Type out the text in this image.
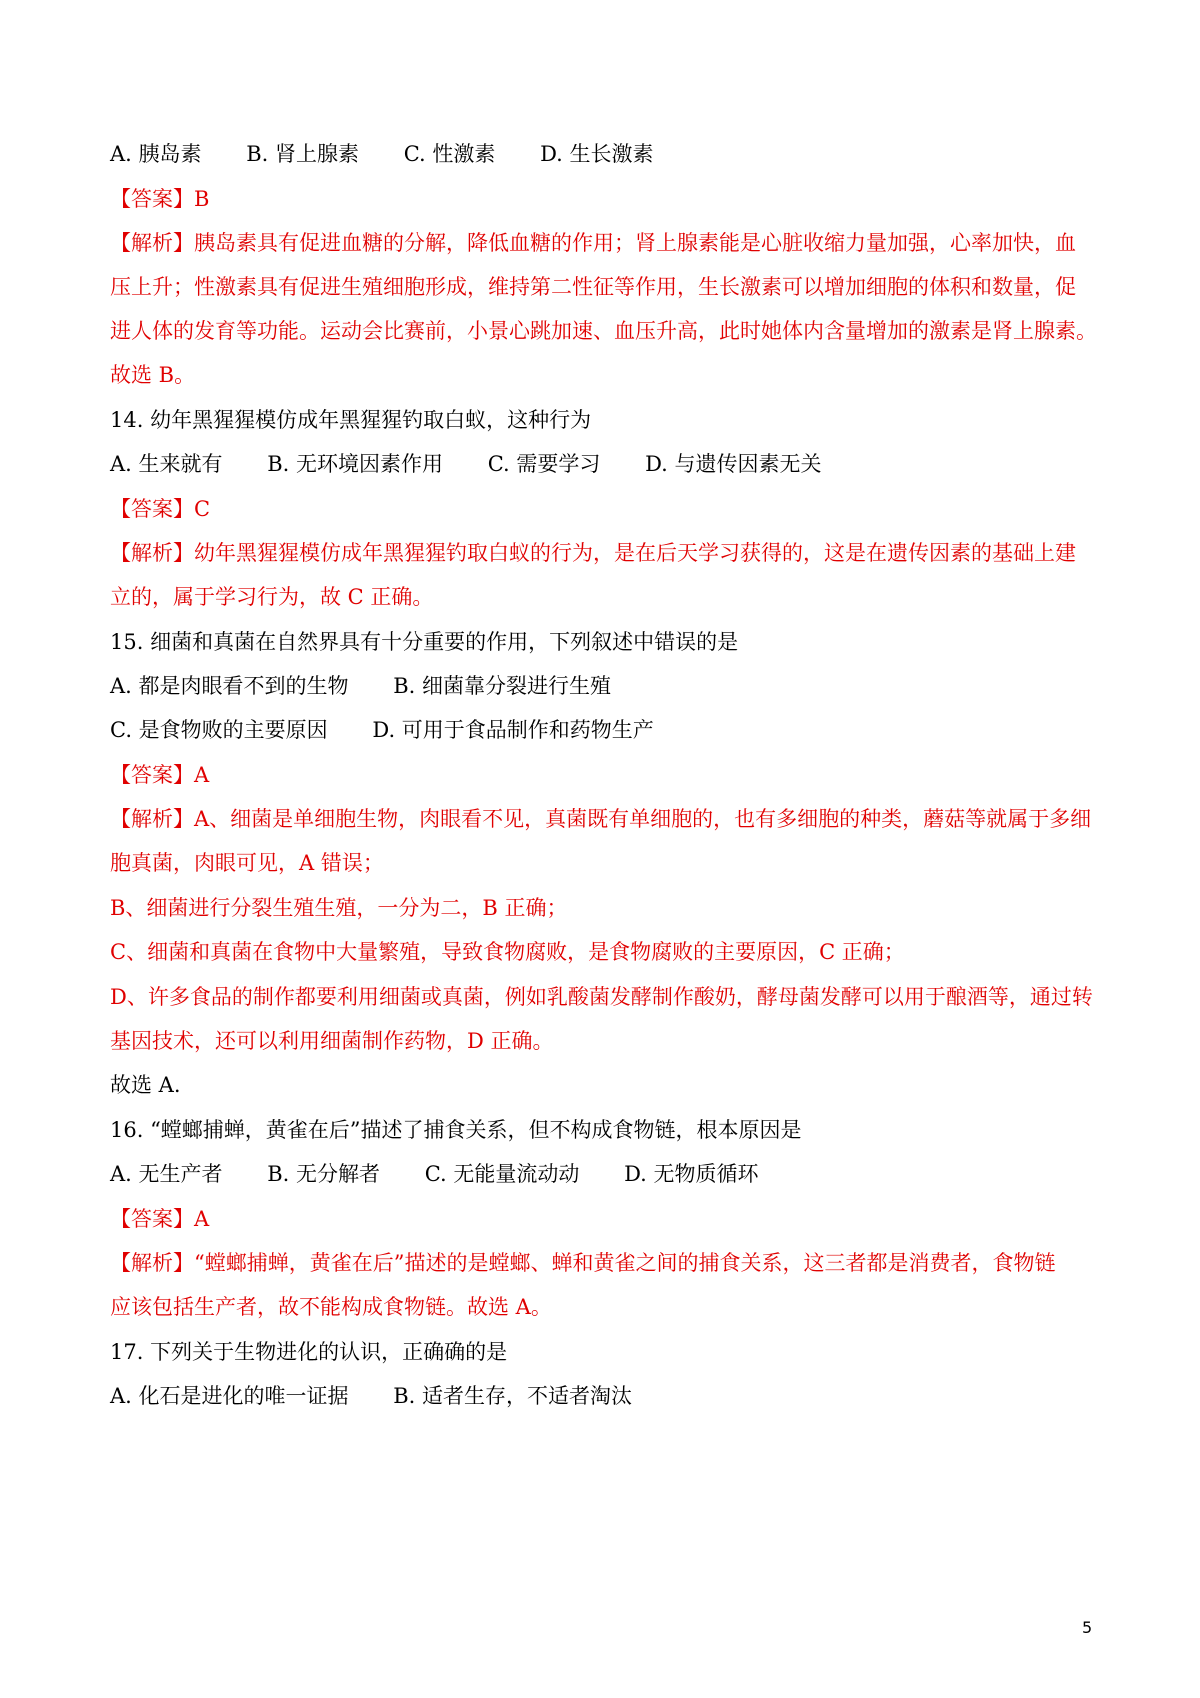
A. 胰岛素 B. 肾上腺素 C. 性激素 D. 生长激素
【答案】B
【解析】胰岛素具有促进血糖的分解，降低血糖的作用；肾上腺素能是心脏收缩力量加强，心率加快，血
压上升；性激素具有促进生殖细胞形成，维持第二性征等作用，生长激素可以增加细胞的体积和数量，促
进人体的发育等功能。运动会比赛前，小景心跳加速、血压升高，此时她体内含量增加的激素是肾上腺素。
故选 B。
14. 幼年黑猩猩模仿成年黑猩猩钓取白蚁，这种行为
A. 生来就有 B. 无环境因素作用 C. 需要学习 D. 与遗传因素无关
【答案】C
【解析】幼年黑猩猩模仿成年黑猩猩钓取白蚁的行为，是在后天学习获得的，这是在遗传因素的基础上建
立的，属于学习行为，故 C 正确。
15. 细菌和真菌在自然界具有十分重要的作用，下列叙述中错误的是
A. 都是肉眼看不到的生物 B. 细菌靠分裂进行生殖
C. 是食物败的主要原因 D. 可用于食品制作和药物生产
【答案】A
【解析】A、细菌是单细胞生物，肉眼看不见，真菌既有单细胞的，也有多细胞的种类，蘑菇等就属于多细
胞真菌，肉眼可见，A 错误；
B、细菌进行分裂生殖生殖，一分为二，B 正确；
C、细菌和真菌在食物中大量繁殖，导致食物腐败，是食物腐败的主要原因，C 正确；
D、许多食品的制作都要利用细菌或真菌，例如乳酸菌发酵制作酸奶，酵母菌发酵可以用于酿酒等，通过转
基因技术，还可以利用细菌制作药物，D 正确。
故选 A.
16. “螳螂捕蝉，黄雀在后”描述了捕食关系，但不构成食物链，根本原因是
A. 无生产者 B. 无分解者 C. 无能量流动动 D. 无物质循环
【答案】A
【解析】“螳螂捕蝉，黄雀在后”描述的是螳螂、蝉和黄雀之间的捕食关系，这三者都是消费者，食物链
应该包括生产者，故不能构成食物链。故选 A。
17. 下列关于生物进化的认识，正确确的是
A. 化石是进化的唯一证据 B. 适者生存，不适者淘汰
5
